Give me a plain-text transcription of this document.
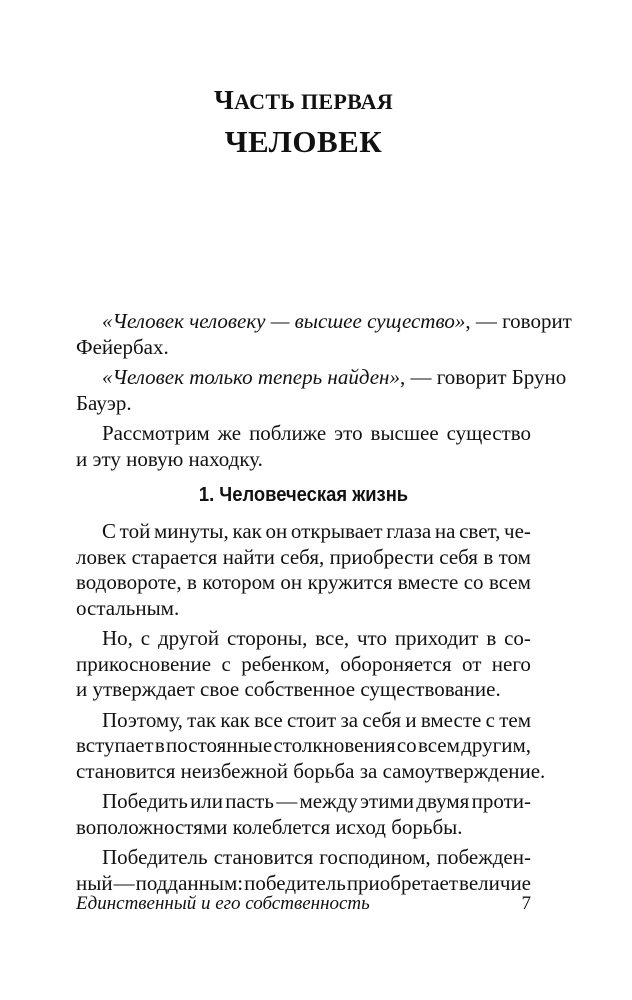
ЧАСТЬ ПЕРВАЯ
ЧЕЛОВЕК
«Человек человеку — высшее существо» , — говорит
Фейербах.
«Человек только теперь найден» , — говорит Бруно
Бауэр.
Рассмотрим же поближе это высшее существо
и эту новую находку.
1. Человеческая жизнь
С той минуты, как он открывает глаза на свет, че-
ловек старается найти себя, приобрести себя в том
водовороте, в котором он кружится вместе со всем
остальным.
Но, с другой стороны, все, что приходит в со-
прикосновение с ребенком, обороняется от него
и утверждает свое собственное существование.
Поэтому, так как все стоит за себя и вместе с тем
вступает в постоянные столкновения со всем другим,
становится неизбежной борьба за самоутверждение.
Победить или пасть — между этими двумя проти-
воположностями колеблется исход борьбы.
Победитель становится господином, побежден-
ный — подданным: победитель приобретает величие
Единственный и его собственность	7
